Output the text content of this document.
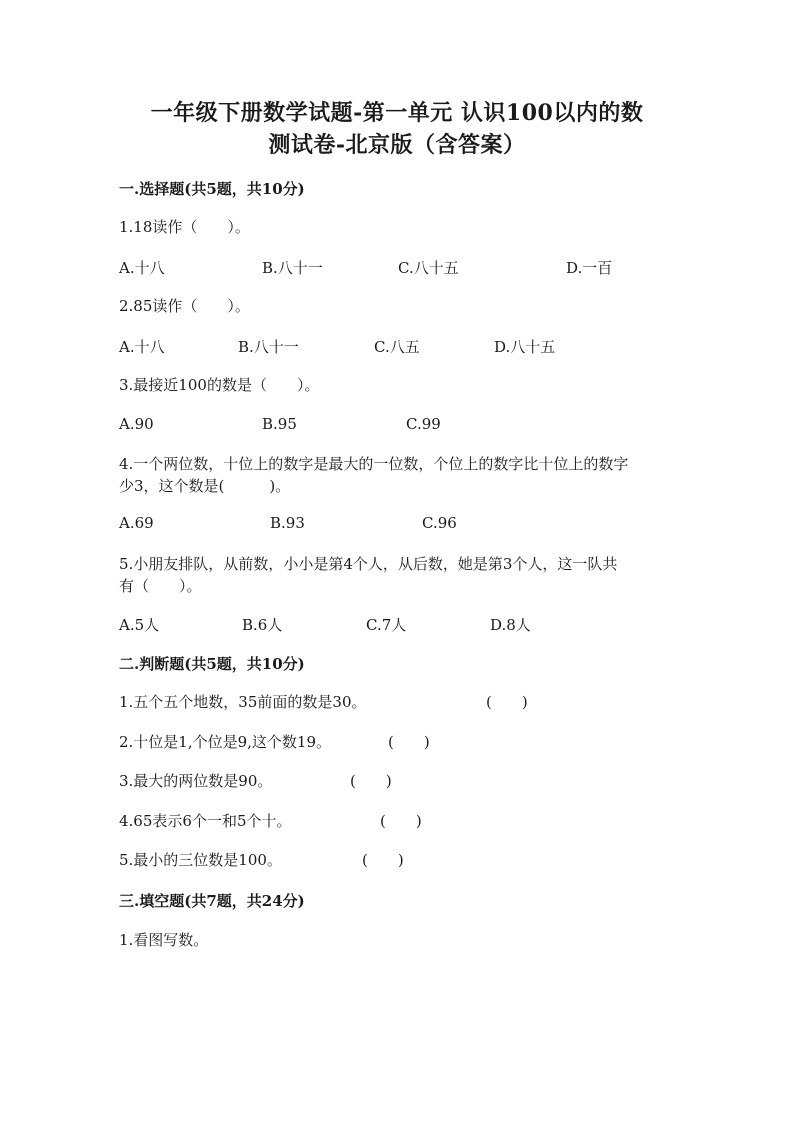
一年级下册数学试题-第一单元 认识100以内的数
测试卷-北京版（含答案）
一.选择题(共5题，共10分)
1.18读作（　　）。
A.十八	B.八十一	C.八十五	D.一百
2.85读作（　　）。
A.十八	B.八十一	C.八五	D.八十五
3.最接近100的数是（　　）。
A.90	B.95	C.99
4.一个两位数，十位上的数字是最大的一位数，个位上的数字比十位上的数字
少3，这个数是(　　　)。
A.69	B.93	C.96
5.小朋友排队，从前数，小小是第4个人，从后数，她是第3个人，这一队共
有（　　）。
A.5人	B.6人	C.7人	D.8人
二.判断题(共5题，共10分)
1.五个五个地数，35前面的数是30。	(　　)
2.十位是1,个位是9,这个数19。	(　　)
3.最大的两位数是90。	(　　)
4.65表示6个一和5个十。	(　　)
5.最小的三位数是100。	(　　)
三.填空题(共7题，共24分)
1.看图写数。
